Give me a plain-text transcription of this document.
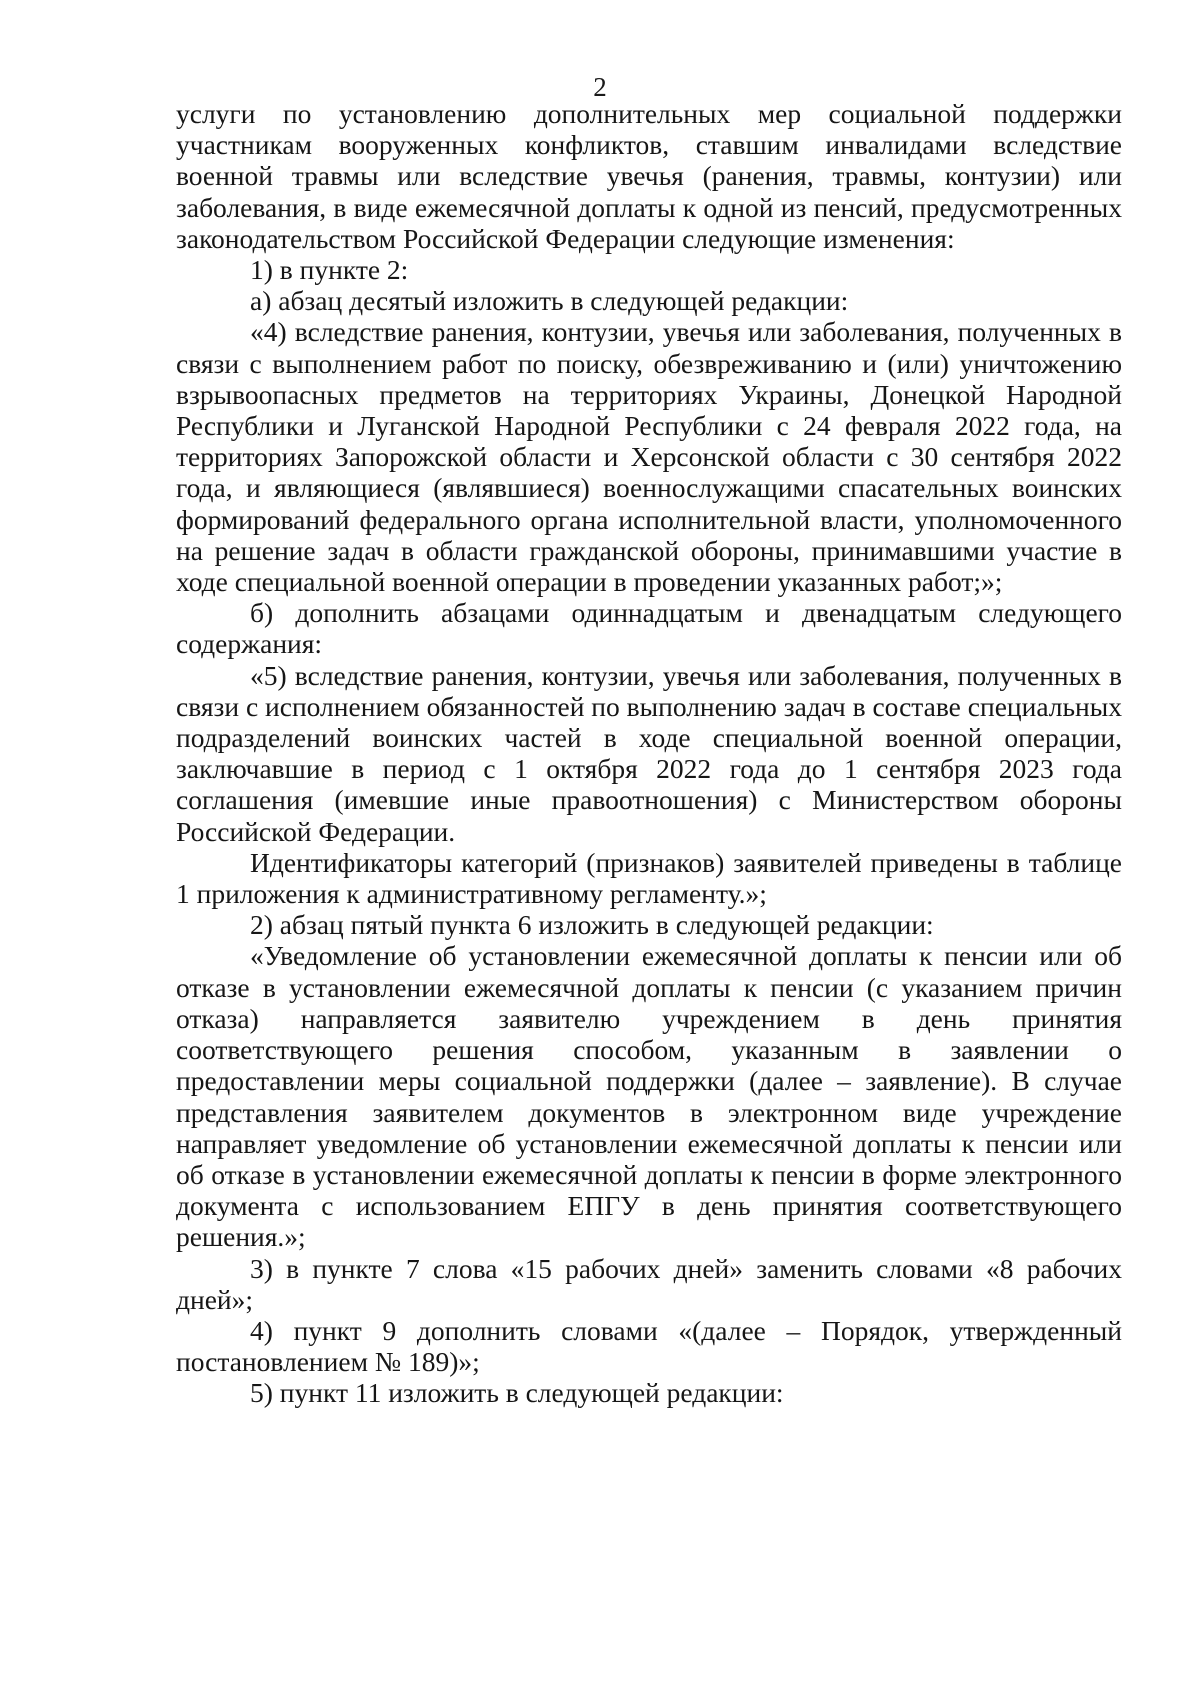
2

услуги по установлению дополнительных мер социальной поддержки участникам вооруженных конфликтов, ставшим инвалидами вследствие военной травмы или вследствие увечья (ранения, травмы, контузии) или заболевания, в виде ежемесячной доплаты к одной из пенсий, предусмотренных законодательством Российской Федерации следующие изменения:

1) в пункте 2:

а) абзац десятый изложить в следующей редакции:

«4) вследствие ранения, контузии, увечья или заболевания, полученных в связи с выполнением работ по поиску, обезвреживанию и (или) уничтожению взрывоопасных предметов на территориях Украины, Донецкой Народной Республики и Луганской Народной Республики с 24 февраля 2022 года, на территориях Запорожской области и Херсонской области с 30 сентября 2022 года, и являющиеся (являвшиеся) военнослужащими спасательных воинских формирований федерального органа исполнительной власти, уполномоченного на решение задач в области гражданской обороны, принимавшими участие в ходе специальной военной операции в проведении указанных работ;»;

б) дополнить абзацами одиннадцатым и двенадцатым следующего содержания:

«5) вследствие ранения, контузии, увечья или заболевания, полученных в связи с исполнением обязанностей по выполнению задач в составе специальных подразделений воинских частей в ходе специальной военной операции, заключавшие в период с 1 октября 2022 года до 1 сентября 2023 года соглашения (имевшие иные правоотношения) с Министерством обороны Российской Федерации.

Идентификаторы категорий (признаков) заявителей приведены в таблице 1 приложения к административному регламенту.»;

2) абзац пятый пункта 6 изложить в следующей редакции:

«Уведомление об установлении ежемесячной доплаты к пенсии или об отказе в установлении ежемесячной доплаты к пенсии (с указанием причин отказа) направляется заявителю учреждением в день принятия соответствующего решения способом, указанным в заявлении о предоставлении меры социальной поддержки (далее – заявление). В случае представления заявителем документов в электронном виде учреждение направляет уведомление об установлении ежемесячной доплаты к пенсии или об отказе в установлении ежемесячной доплаты к пенсии в форме электронного документа с использованием ЕПГУ в день принятия соответствующего решения.»;

3) в пункте 7 слова «15 рабочих дней» заменить словами «8 рабочих дней»;

4) пункт 9 дополнить словами «(далее – Порядок, утвержденный постановлением № 189)»;

5) пункт 11 изложить в следующей редакции:
